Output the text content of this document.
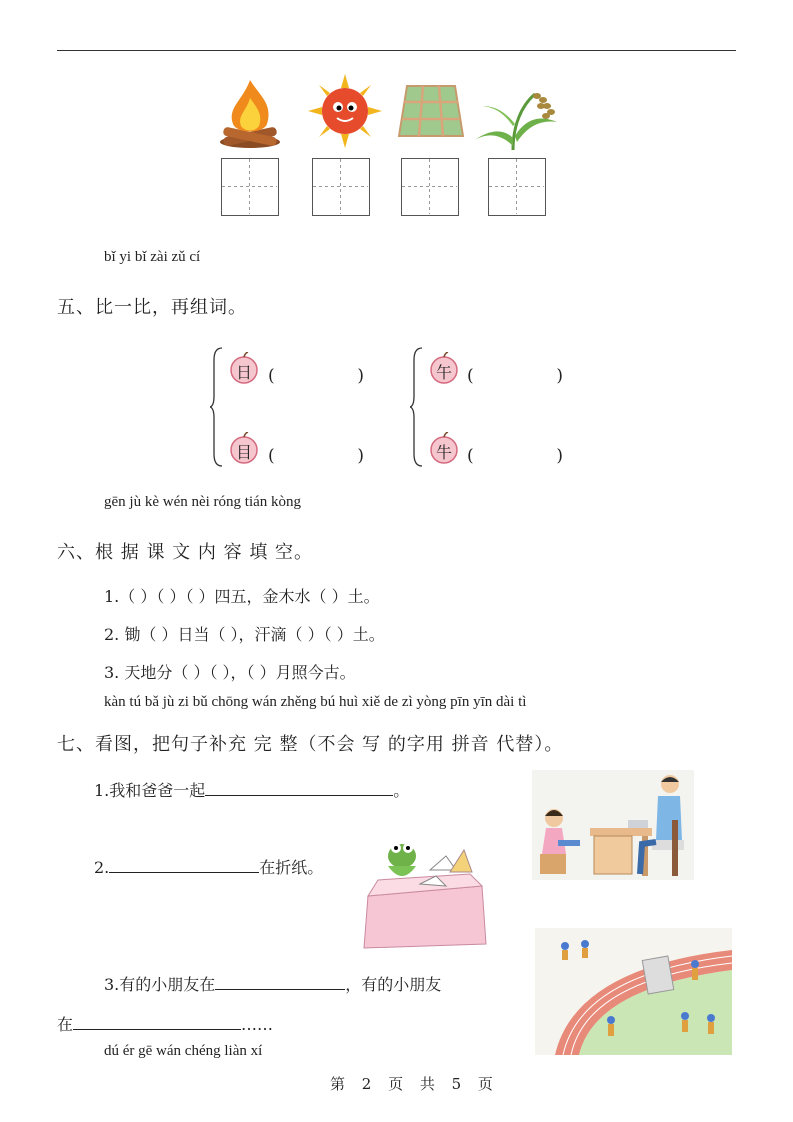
bǐ yi bǐ zài zǔ cí
五、比一比，再组词。
日 (	)
目 (	)
午 (	)
牛 (	)
gēn jù kè wén nèi róng tián kòng
六、根 据 课 文 内 容 填 空。
1.（ ）（ ）（ ）四五，金木水（ ）土。
2. 锄（ ）日当（ ），汗滴（ ）（ ）土。
3. 天地分（ ）（ ），（ ）月照今古。
kàn tú bǎ jù zi bǔ chōng wán zhěng bú huì xiě de zì yòng pīn yīn dài tì
七、看图，把句子补充 完 整（不会 写 的字用 拼音 代替）。
1.我和爸爸一起	。
2.	在折纸。
3.有的小朋友在	，有的小朋友
在	……
dú ér gē wán chéng liàn xí
第 2 页 共 5 页
